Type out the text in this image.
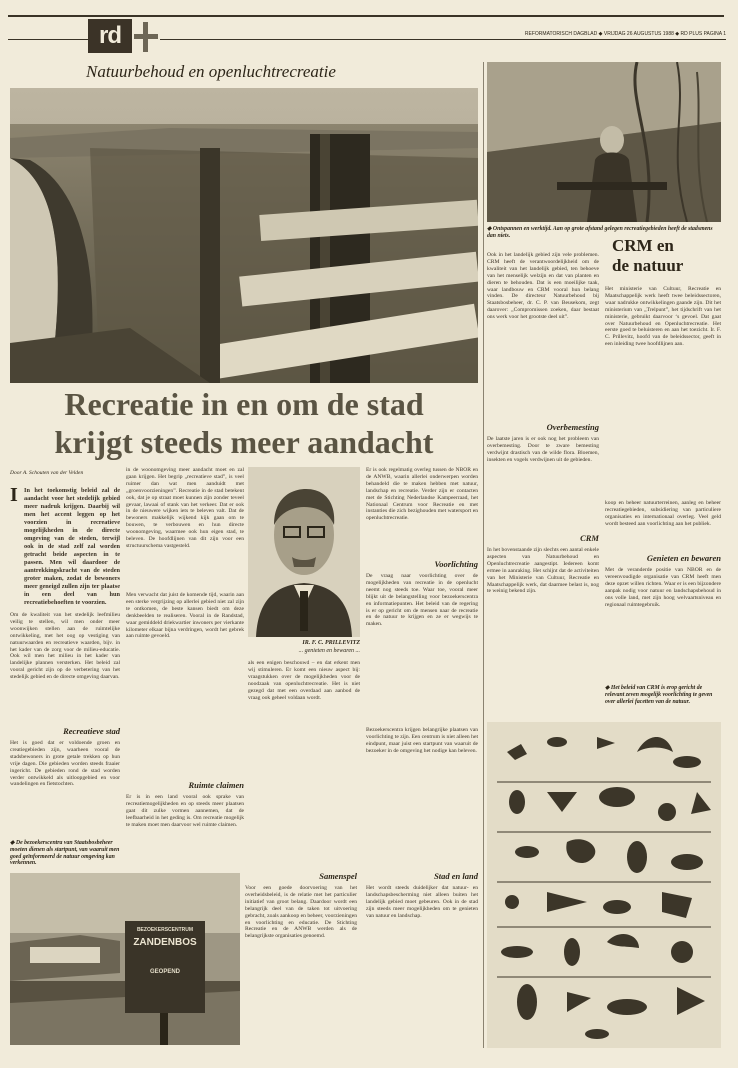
rd	REFORMATORISCH DAGBLAD ◆ VRIJDAG 26 AUGUSTUS 1988 ◆ RD PLUS PAGINA 1
Natuurbehoud en openluchtrecreatie
Recreatie in en om de stad
krijgt steeds meer aandacht
Door A. Schouten van der Velden
I In het toekomstig beleid zal de aandacht voor het stedelijk gebied meer nadruk krijgen. Daarbij wil men het accent leggen op het voorzien in recreatieve mogelijkheden in de directe omgeving van de steden, terwijl ook in de stad zelf zal worden getracht beide aspecten in te passen. Men wil daardoor de aantrekkingskracht van de steden groter maken, zodat de bewoners meer geneigd zullen zijn ter plaatse in een deel van hun recreatiebehoeften te voorzien.
Om de kwaliteit van het stedelijk leefmilieu veilig te stellen, wil men onder meer woonwijken stellen aan de ruimtelijke ontwikkeling, met het oog op vestiging van natuurwaarden en recreatieve waarden, bijv. in het kader van de zorg voor de milieu-educatie. Ook wil men het milieu in het kader van landelijke plannen versterken. Het beleid zal vooral gericht zijn op de verbetering van het stedelijk gebied en de directe omgeving daarvan.
Recreatieve stad
Het is goed dat er voldoende groen en creatiegebieden zijn, waarheen vooral de stadsbewoners in grote getale trekken op hun vrije dagen. Die gebieden worden steeds fraaier ingericht. De gebieden rond de stad worden verder ontwikkeld als uitloopgebied en voor wandelingen en fietstochten.
◆ De bezoekerscentra van Staatsbosbeheer moeten dienen als startpunt, van waaruit men goed geïnformeerd de natuur omgeving kan verkennen.
BEZOEKERSCENTRUM
ZANDENBOS
GEOPEND
in de woonomgeving meer aandacht moet en zal gaan krijgen. Het begrip „recreatieve stad”, is veel ruimer dan wat men aanduidt met „groenvoorzieningen”. Recreatie in de stad betekent ook, dat je op straat moet kunnen zijn zonder teveel gevaar, lawaai of stank van het verkeer. Dat er ook in de nieuwere wijken iets te beleven valt. Dat de bewoners makkelijk wijkend kijk gaan om te bouwen, te verbouwen en hun directe woonomgeving, waarmee ook hun eigen stad, te beleven. De hoofdlijnen van dit zijn voor een structuurschema vastgesteld.
Men verwacht dat juist de komende tijd, waarin aan een sterke vergrijzing op allerlei gebied niet zal zijn te ontkomen, de beste kansen biedt om deze denkbeelden te realiseren. Vooral in de Randstad, waar gemiddeld driekwartier inwoners per vierkante kilometer elkaar bijna verdringen, wordt het gebrek aan ruimte gevoeld.
Ruimte claimen
Er is in een land vooral ook sprake van recreatiemogelijkheden en op steeds meer plaatsen gaat dit zulke vormen aannemen, dat de leefbaarheid in het geding is. Om recreatie mogelijk te maken moet men daarvoor wel ruimte claimen.
Samenspel
Voor een goede doorvoering van het overheidsbeleid, is de relatie met het particulier initiatief van groot belang. Daardoor wordt een belangrijk deel van de taken tot uitvoering gebracht, zoals aankoop en beheer, voorzieningen en voorlichting en educatie. De Stichting Recreatie en de ANWB werden als de belangrijkste organisaties genoemd.
IR. F. C. PRILLEVITZ
... genieten en bewaren ...
als een enigen beschouwd – en dat erkent men wij stimuleren. Er komt een nieuw aspect bij: vraagstukken over de mogelijkheden voor de noodzaak van openluchtrecreatie. Het is niet gezegd dat met een overdaad aan aanbod de vraag ook geheel voldaan wordt.
Er is ook regelmatig overleg tussen de NBOR en de ANWB, waarin allerlei onderwerpen worden behandeld die te maken hebben met natuur, landschap en recreatie. Verder zijn er contacten met de Stichting Nederlandse Kampeerraad, het Nationaal Centrum voor Recreatie en met instanties die zich bezighouden met watersport en openluchtrecreatie.
Voorlichting
De vraag naar voorlichting over de mogelijkheden van recreatie in de openlucht neemt nog steeds toe. Waar toe, vooral meer blijkt uit de belangstelling voor bezoekerscentra en informatiepunten. Het beleid van de regering is er op gericht om de mensen naar de recreatie en de natuur te krijgen en ze er wegwijs te maken.
Bezoekerscentra krijgen belangrijke plaatsen van voorlichting te zijn. Een centrum is niet alleen het eindpunt, maar juist een startpunt van waaruit de bezoeker in de omgeving het nodige kan beleven.
Stad en land
Het wordt steeds duidelijker dat natuur- en landschapsbescherming niet alleen buiten het landelijk gebied moet gebeuren. Ook in de stad zijn steeds meer mogelijkheden om te genieten van natuur en landschap.
◆ Ontspannen en werktijd. Aan op grote afstand gelegen recreatiegebieden heeft de stadsmens dan niets.
Ook in het landelijk gebied zijn vele problemen. CRM heeft de verantwoordelijkheid om de kwaliteit van het landelijk gebied, ten behoeve van het menselijk welzijn en dat van planten en dieren te behouden. Dat is een moeilijke taak, waar landbouw en CRM vooral hun belang vinden. De directeur Natuurbehoud bij Staatsbosbeheer, dr. C. P. van Beusekom, zegt daarover: „Compromissen zoeken, daar bestaat ons werk voor het grootste deel uit”.
Overbemesting
De laatste jaren is er ook nog het probleem van overbemesting. Door te zware bemesting verdwijnt drastisch van de wilde flora. Bloemen, insekten en vogels verdwijnen uit de gebieden.
CRM
In het bovenstaande zijn slechts een aantal enkele aspecten van Natuurbehoud en Openluchtrecreatie aangestipt. Iedereen komt ermee in aanraking. Het schijnt dat de activiteiten van het Ministerie van Cultuur, Recreatie en Maatschappelijk werk, dat daarmee belast is, nog te weinig bekend zijn.
CRM en
de natuur
Het ministerie van Cultuur, Recreatie en Maatschappelijk werk heeft twee beleidssectoren, waar nadrukke ontwikkelingen gaande zijn. Dit het ministerium van „Trelpunt”, het tijdschrift van het ministerie, gebruikt daarvoor ‘s gevoel. Dat gaat over Natuurbehoud en Openluchtrecreatie. Het eerste goed te beluisteren en aan het toezicht. Ir. F. C. Prillevitz, hoofd van de beleidssector, geeft in een inleiding twee hoofdlijnen aan.
koop en beheer natuurterreinen, aanleg en beheer recreatiegebieden, subsidiering van particuliere organisaties en internationaal overleg. Veel geld wordt besteed aan voorlichting aan het publiek.
Genieten en bewaren
Met de veranderde positie van NBOR en de vereenvoudigde organisatie van CRM heeft men deze opzet willen richten. Waar er is een bijzondere aanpak nodig voor natuur en landschapsbehoud in ons volle land, met zijn hoog welvaartsniveau en regionaal ruimtegebruik.
◆ Het beleid van CRM is erop gericht de relevant zeven mogelijk voorlichting te geven over allerlei facetten van de natuur.
